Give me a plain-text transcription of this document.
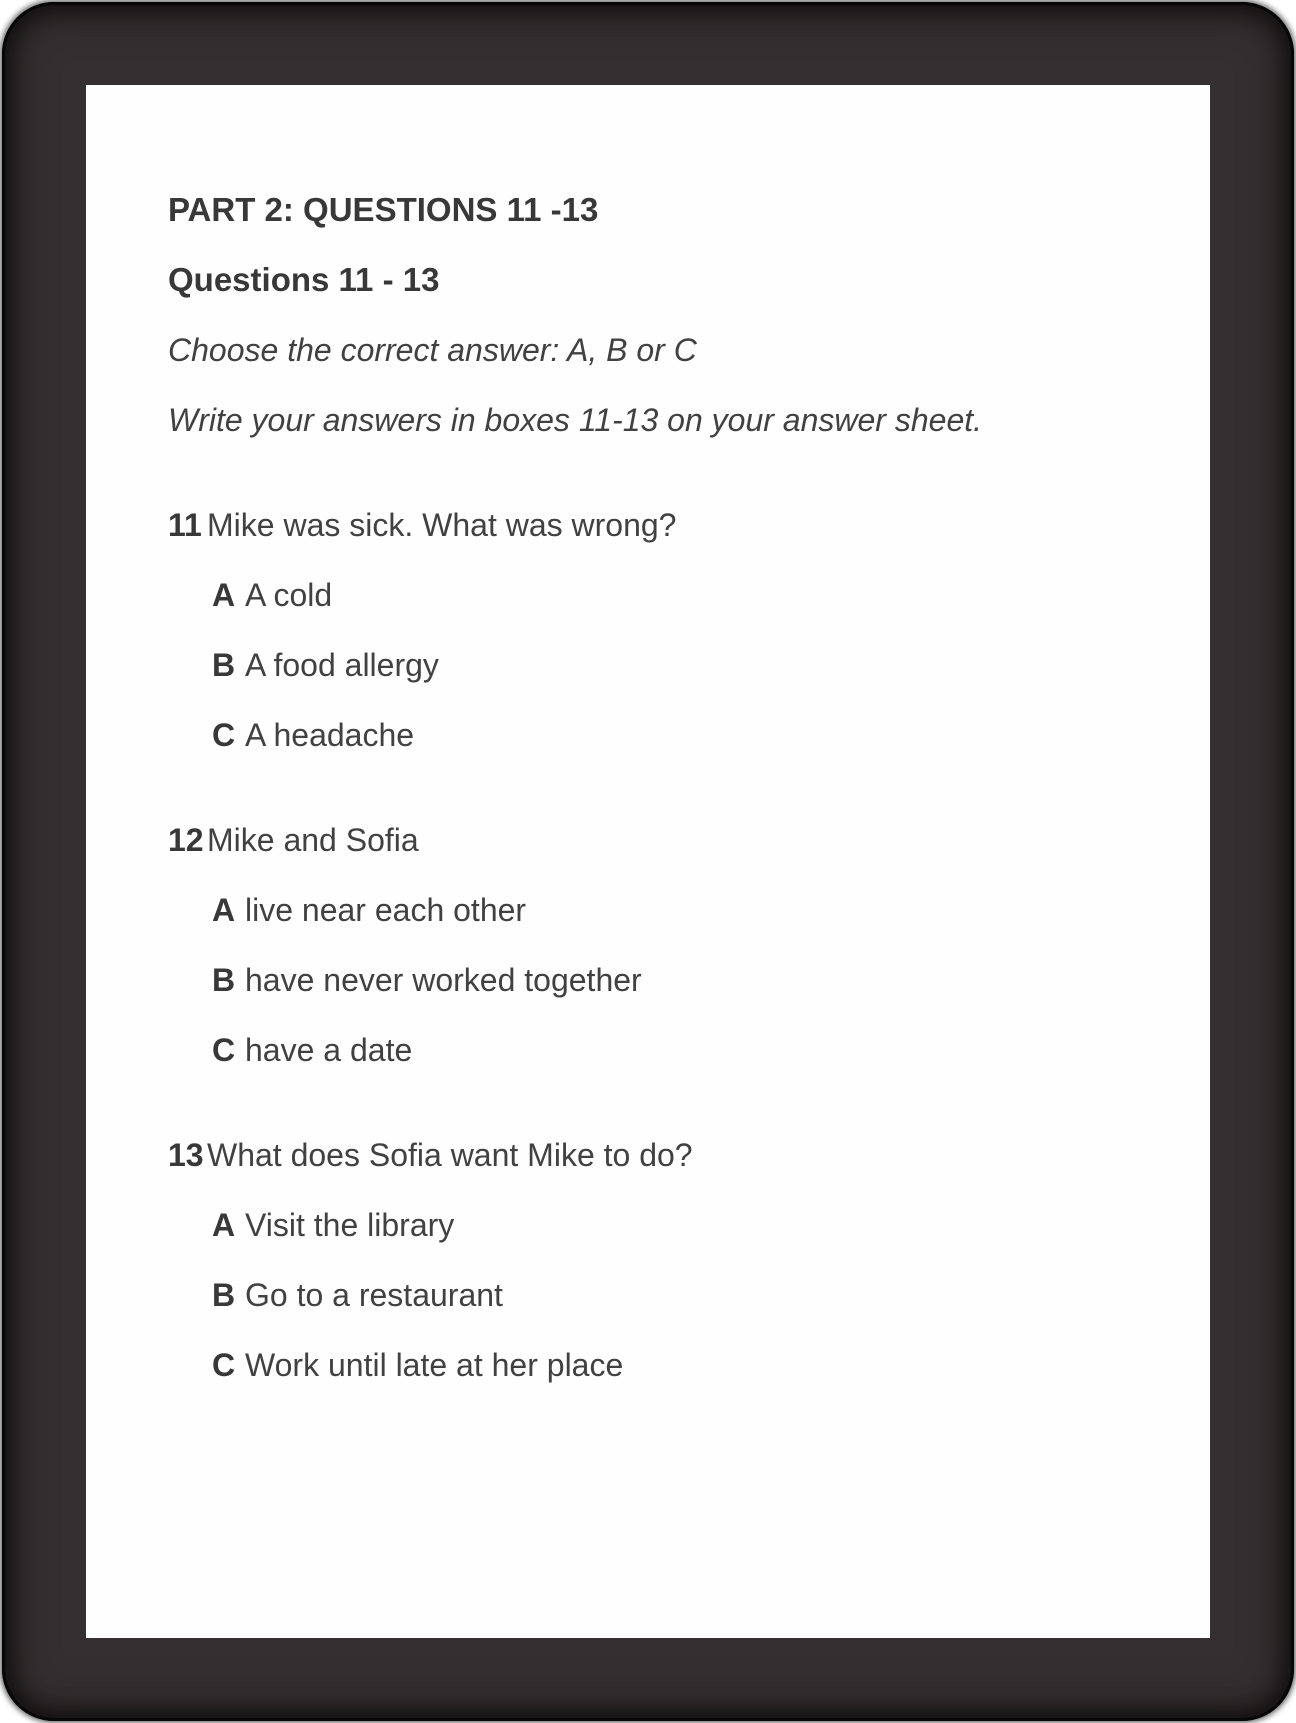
PART 2: QUESTIONS 11 -13
Questions 11 - 13
Choose the correct answer: A, B or C
Write your answers in boxes 11-13 on your answer sheet.
11 Mike was sick. What was wrong?
A A cold
B A food allergy
C A headache
12 Mike and Sofia
A live near each other
B have never worked together
C have a date
13 What does Sofia want Mike to do?
A Visit the library
B Go to a restaurant
C Work until late at her place
